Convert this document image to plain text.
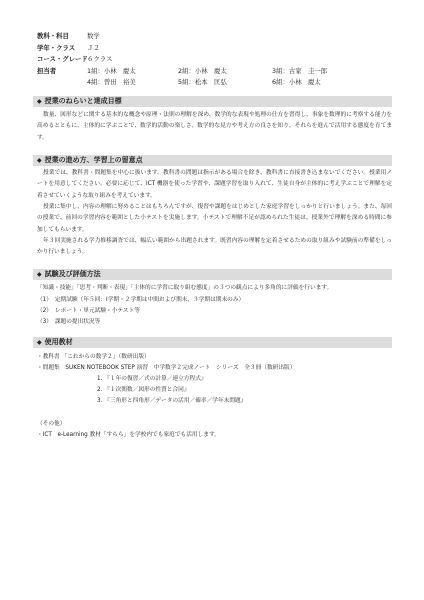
教科・科目	数学
学年・クラス Ｊ２
コース・グレード ６クラス
担当者	1組：小林　慶太	2組：小林　慶太	3組：古家　圭一郎
4組：曽田　裕美	5組：松本　匡弘	6組：小林　慶太
◆ 授業のねらいと達成目標
数量、図形などに関する基本的な概念や原理・法則の理解を深め、数学的な表現や処理の仕方を習得し、事象を数理的に考察する能力を高めるとともに、主体的に学ぶことで、数学的活動の楽しさ、数学的な見方や考え方の良さを知り、それらを進んで活用する態度を育てます。
◆ 授業の進め方、学習上の留意点
授業では、教科書・問題集を中心に扱います。教科書の問題は指示がある場合を除き、教科書に直接書き込まないでください。授業用ノートを用意してください。必要に応じて、ICT 機器を使った学習や、課題学習を取り入れて、生徒自身が主体的に考え学ぶことで理解を定着させていくような取り組みを考えています。
授業に集中し、内容の理解に努めることはもちろんですが、復習や課題をはじめとした家庭学習をしっかりと行いましょう。また、毎回の授業で、前回の学習内容を範囲とした小テストを実施します。小テストで理解不足が認められた生徒は、授業外で理解を深める時間に参加してもらいます。
年３回実施される学力推移調査では、幅広い範囲から出題されます。既習内容の理解を定着させるための取り組みや試験前の準備をしっかり行いましょう。
◆ 試験及び評価方法
「知識・技能」「思考・判断・表現」「主体的に学習に取り組む態度」の３つの観点により多角的に評価を行います。
（1）　定期試験（年５回：Ⅰ学期・２学期は中間および期末、３学期は期末のみ）
（2）　レポート・単元試験・小テスト等
（3）　課題の提出状況等
◆ 使用教材
・教科書 「これからの数学２」（数研出版）
・問題集　SUKEN NOTEBOOK STEP 演習　中学数学２完成ノート　シリーズ　全３冊（数研出版）
1. 『１年の復習／式の計算／連立方程式』
2. 『１次関数／図形の性質と合同』
3. 『三角形と四角形／データの活用／確率／学年末問題』
（その他）
・ICT　e-Learning 教材「すらら」を学校内でも家庭でも活用します。
